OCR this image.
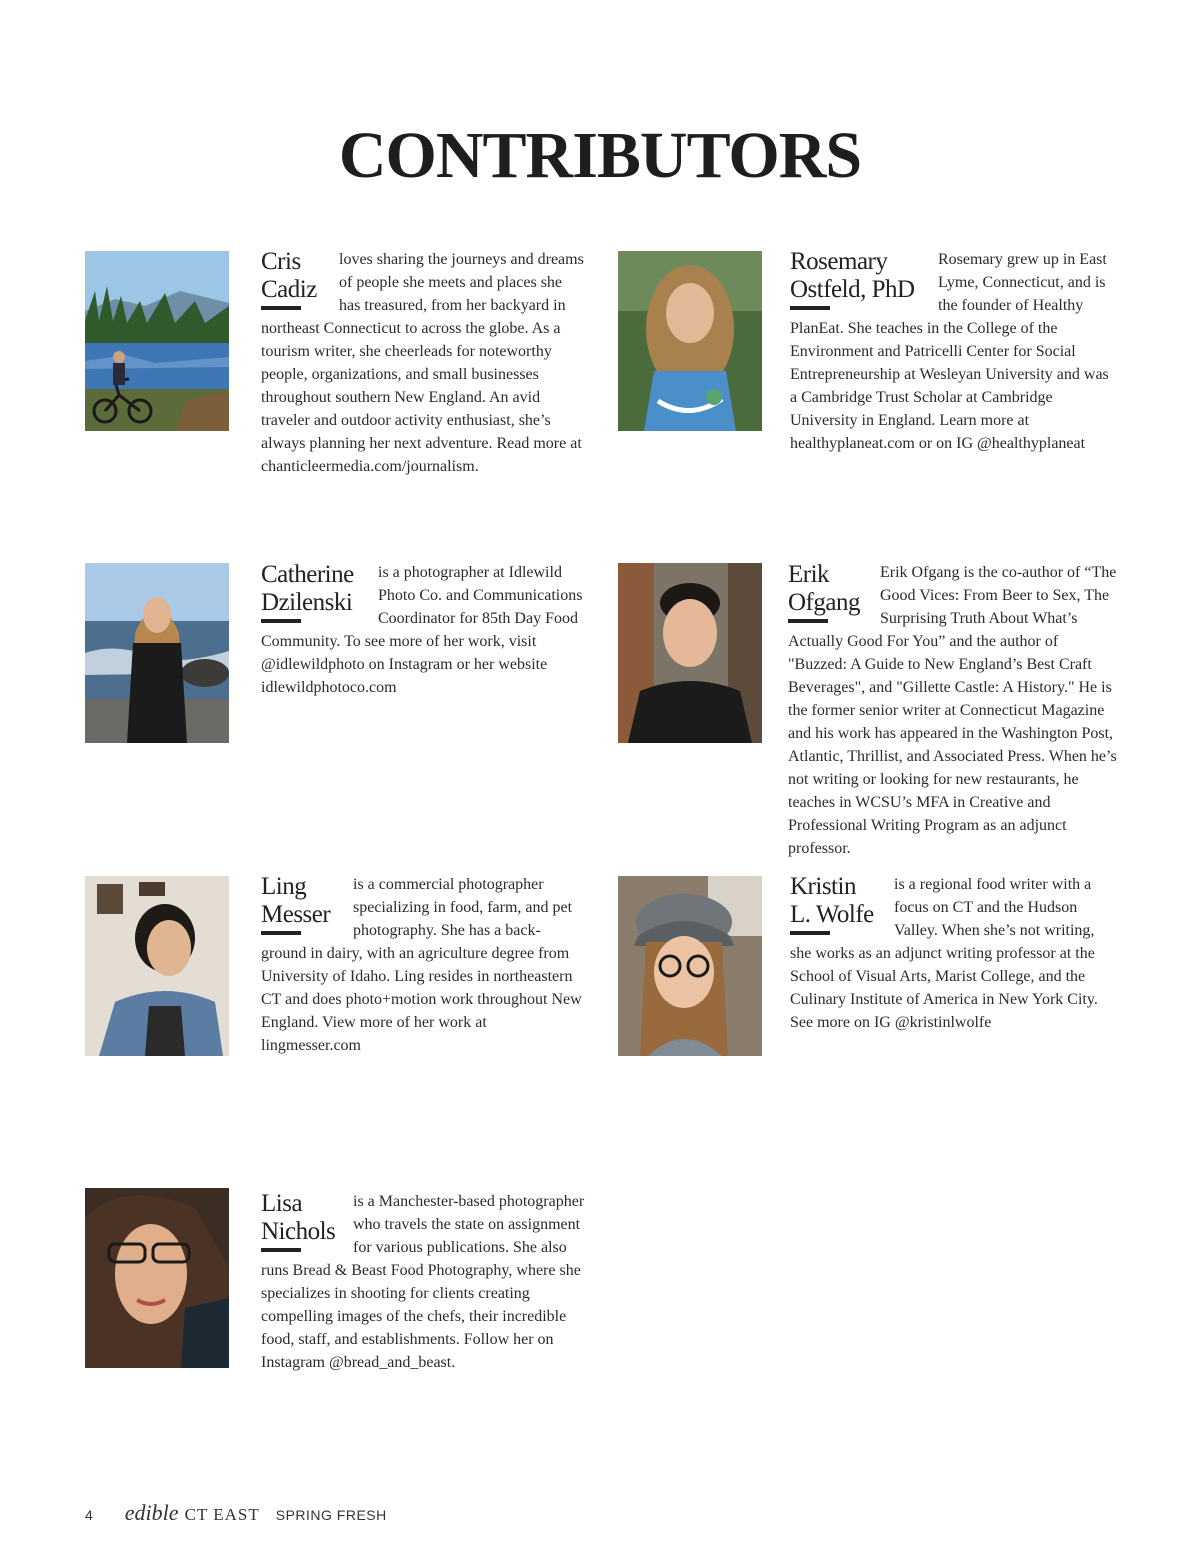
CONTRIBUTORS
Cris
Cadiz

loves sharing the journeys and dreams of people she meets and places she has treasured, from her backyard in northeast Connecticut to across the globe. As a tourism writer, she cheerleads for noteworthy people, organizations, and small businesses throughout southern New England. An avid traveler and outdoor activity enthusiast, she’s always planning her next adventure. Read more at chanticleermedia.com/journalism.

Rosemary
Ostfeld, PhD

Rosemary grew up in East Lyme, Connecticut, and is the founder of Healthy PlanEat. She teaches in the College of the Environment and Patricelli Center for Social Entrepreneurship at Wesleyan University and was a Cambridge Trust Scholar at Cambridge University in England. Learn more at healthyplaneat.com or on IG @healthyplaneat

Catherine
Dzilenski

is a photographer at Idlewild Photo Co. and Communications Coordinator for 85th Day Food Community. To see more of her work, visit @idlewildphoto on Instagram or her website idlewildphotoco.com

Erik
Ofgang

Erik Ofgang is the co-author of “The Good Vices: From Beer to Sex, The Surprising Truth About What’s Actually Good For You” and the author of "Buzzed: A Guide to New England’s Best Craft Beverages", and "Gillette Castle: A History." He is the former senior writer at Connecticut Magazine and his work has appeared in the Washington Post, Atlantic, Thrillist, and Associated Press. When he’s not writing or looking for new restaurants, he teaches in WCSU’s MFA in Creative and Professional Writing Program as an adjunct professor.

Ling
Messer

is a commercial photographer specializing in food, farm, and pet photography. She has a back-ground in dairy, with an agriculture degree from University of Idaho. Ling resides in northeastern CT and does photo+motion work throughout New England. View more of her work at lingmesser.com

Kristin
L. Wolfe

is a regional food writer with a focus on CT and the Hudson Valley. When she’s not writing, she works as an adjunct writing professor at the School of Visual Arts, Marist College, and the Culinary Institute of America in New York City. See more on IG @kristinlwolfe

Lisa
Nichols

is a Manchester-based photographer who travels the state on assignment for various publications. She also runs Bread & Beast Food Photography, where she specializes in shooting for clients creating compelling images of the chefs, their incredible food, staff, and establishments. Follow her on Instagram @bread_and_beast.

4 edible CT EAST SPRING FRESH
